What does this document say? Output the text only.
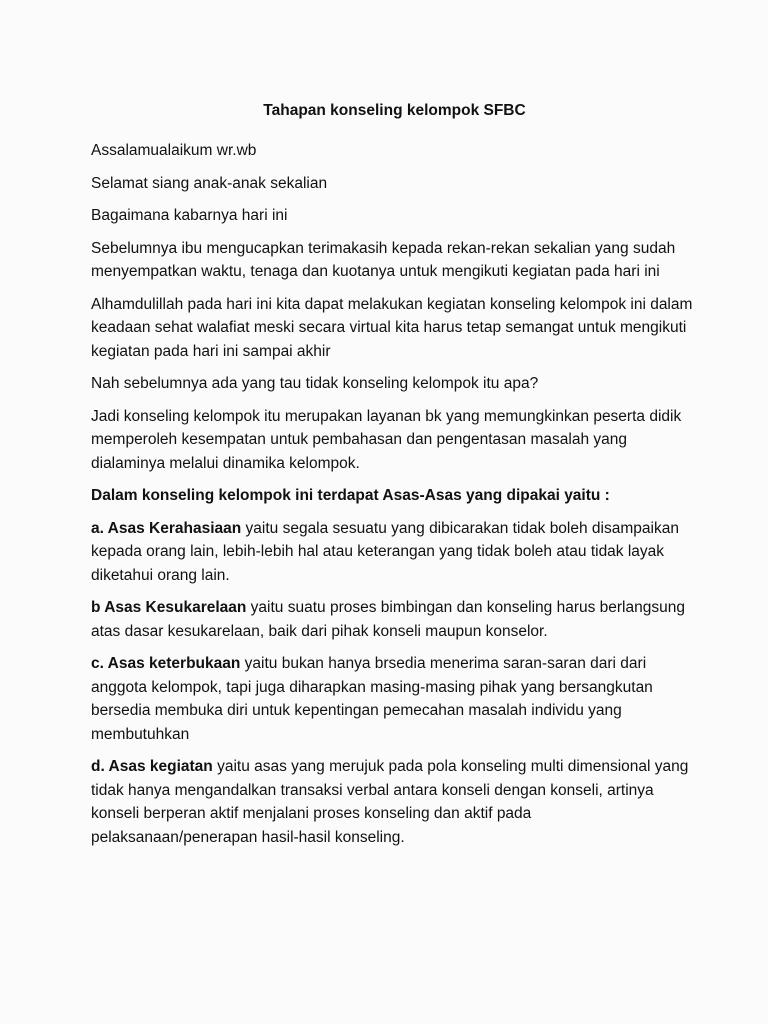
Tahapan konseling kelompok SFBC

Assalamualaikum wr.wb

Selamat siang anak-anak sekalian

Bagaimana kabarnya hari ini

Sebelumnya ibu mengucapkan terimakasih kepada rekan-rekan sekalian yang sudah menyempatkan waktu, tenaga dan kuotanya untuk mengikuti kegiatan pada hari ini

Alhamdulillah pada hari ini kita dapat melakukan kegiatan konseling kelompok ini dalam keadaan sehat walafiat meski secara virtual kita harus tetap semangat untuk mengikuti kegiatan pada hari ini sampai akhir

Nah sebelumnya ada yang tau tidak konseling kelompok itu apa?

Jadi konseling kelompok itu merupakan layanan bk yang memungkinkan peserta didik memperoleh kesempatan untuk pembahasan dan pengentasan masalah yang dialaminya melalui dinamika kelompok.

Dalam konseling kelompok ini terdapat Asas-Asas yang dipakai yaitu :

a. Asas Kerahasiaan yaitu segala sesuatu yang dibicarakan tidak boleh disampaikan kepada orang lain, lebih-lebih hal atau keterangan yang tidak boleh atau tidak layak diketahui orang lain.

b Asas Kesukarelaan yaitu suatu proses bimbingan dan konseling harus berlangsung atas dasar kesukarelaan, baik dari pihak konseli maupun konselor.

c. Asas keterbukaan yaitu bukan hanya brsedia menerima saran-saran dari dari anggota kelompok, tapi juga diharapkan masing-masing pihak yang bersangkutan bersedia membuka diri untuk kepentingan pemecahan masalah individu yang membutuhkan

d. Asas kegiatan yaitu asas yang merujuk pada pola konseling multi dimensional yang tidak hanya mengandalkan transaksi verbal antara konseli dengan konseli, artinya konseli berperan aktif menjalani proses konseling dan aktif pada pelaksanaan/penerapan hasil-hasil konseling.
